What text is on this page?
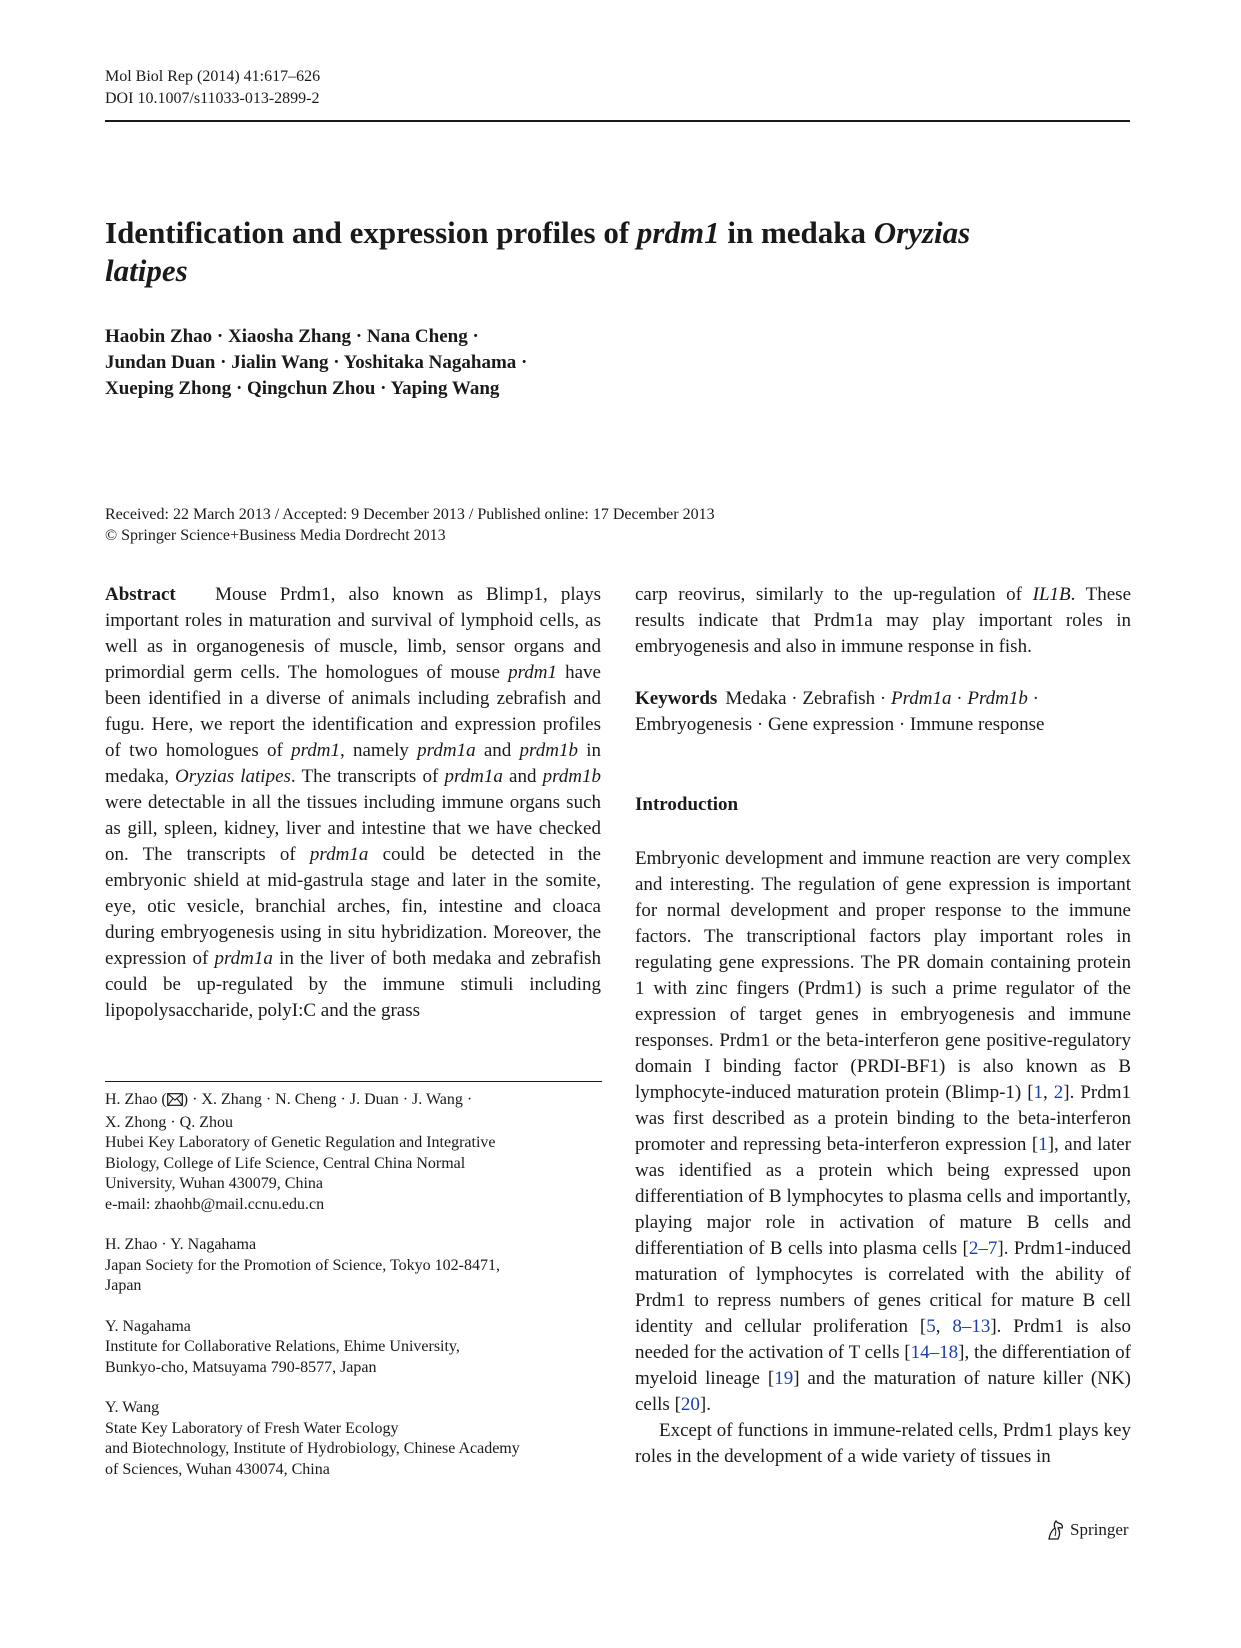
Mol Biol Rep (2014) 41:617–626
DOI 10.1007/s11033-013-2899-2
Identification and expression profiles of prdm1 in medaka Oryzias
latipes
Haobin Zhao · Xiaosha Zhang · Nana Cheng ·
Jundan Duan · Jialin Wang · Yoshitaka Nagahama ·
Xueping Zhong · Qingchun Zhou · Yaping Wang
Received: 22 March 2013 / Accepted: 9 December 2013 / Published online: 17 December 2013
© Springer Science+Business Media Dordrecht 2013

Abstract Mouse Prdm1, also known as Blimp1, plays important roles in maturation and survival of lymphoid cells, as well as in organogenesis of muscle, limb, sensor organs and primordial germ cells. The homologues of mouse prdm1 have been identified in a diverse of animals including zebrafish and fugu. Here, we report the identification and expression profiles of two homologues of prdm1, namely prdm1a and prdm1b in medaka, Oryzias latipes. The transcripts of prdm1a and prdm1b were detectable in all the tissues including immune organs such as gill, spleen, kidney, liver and intestine that we have checked on. The transcripts of prdm1a could be detected in the embryonic shield at mid-gastrula stage and later in the somite, eye, otic vesicle, branchial arches, fin, intestine and cloaca during embryogenesis using in situ hybridization. Moreover, the expression of prdm1a in the liver of both medaka and zebrafish could be up-regulated by the immune stimuli including lipopolysaccharide, polyI:C and the grass

H. Zhao ( ) · X. Zhang · N. Cheng · J. Duan · J. Wang ·
X. Zhong · Q. Zhou
Hubei Key Laboratory of Genetic Regulation and Integrative
Biology, College of Life Science, Central China Normal
University, Wuhan 430079, China
e-mail: zhaohb@mail.ccnu.edu.cn
H. Zhao · Y. Nagahama
Japan Society for the Promotion of Science, Tokyo 102-8471,
Japan
Y. Nagahama
Institute for Collaborative Relations, Ehime University,
Bunkyo-cho, Matsuyama 790-8577, Japan
Y. Wang
State Key Laboratory of Fresh Water Ecology
and Biotechnology, Institute of Hydrobiology, Chinese Academy
of Sciences, Wuhan 430074, China

carp reovirus, similarly to the up-regulation of IL1B. These results indicate that Prdm1a may play important roles in embryogenesis and also in immune response in fish.

Keywords Medaka · Zebrafish · Prdm1a · Prdm1b · Embryogenesis · Gene expression · Immune response

Introduction

Embryonic development and immune reaction are very complex and interesting. The regulation of gene expression is important for normal development and proper response to the immune factors. The transcriptional factors play important roles in regulating gene expressions. The PR domain containing protein 1 with zinc fingers (Prdm1) is such a prime regulator of the expression of target genes in embryogenesis and immune responses. Prdm1 or the beta-interferon gene positive-regulatory domain I binding factor (PRDI-BF1) is also known as B lymphocyte-induced maturation protein (Blimp-1) [1, 2]. Prdm1 was first described as a protein binding to the beta-interferon promoter and repressing beta-interferon expression [1], and later was identified as a protein which being expressed upon differentiation of B lymphocytes to plasma cells and importantly, playing major role in activation of mature B cells and differentiation of B cells into plasma cells [2–7]. Prdm1-induced maturation of lymphocytes is correlated with the ability of Prdm1 to repress numbers of genes critical for mature B cell identity and cellular proliferation [5, 8–13]. Prdm1 is also needed for the activation of T cells [14–18], the differentiation of myeloid lineage [19] and the maturation of nature killer (NK) cells [20].

Except of functions in immune-related cells, Prdm1 plays key roles in the development of a wide variety of tissues in

Springer
